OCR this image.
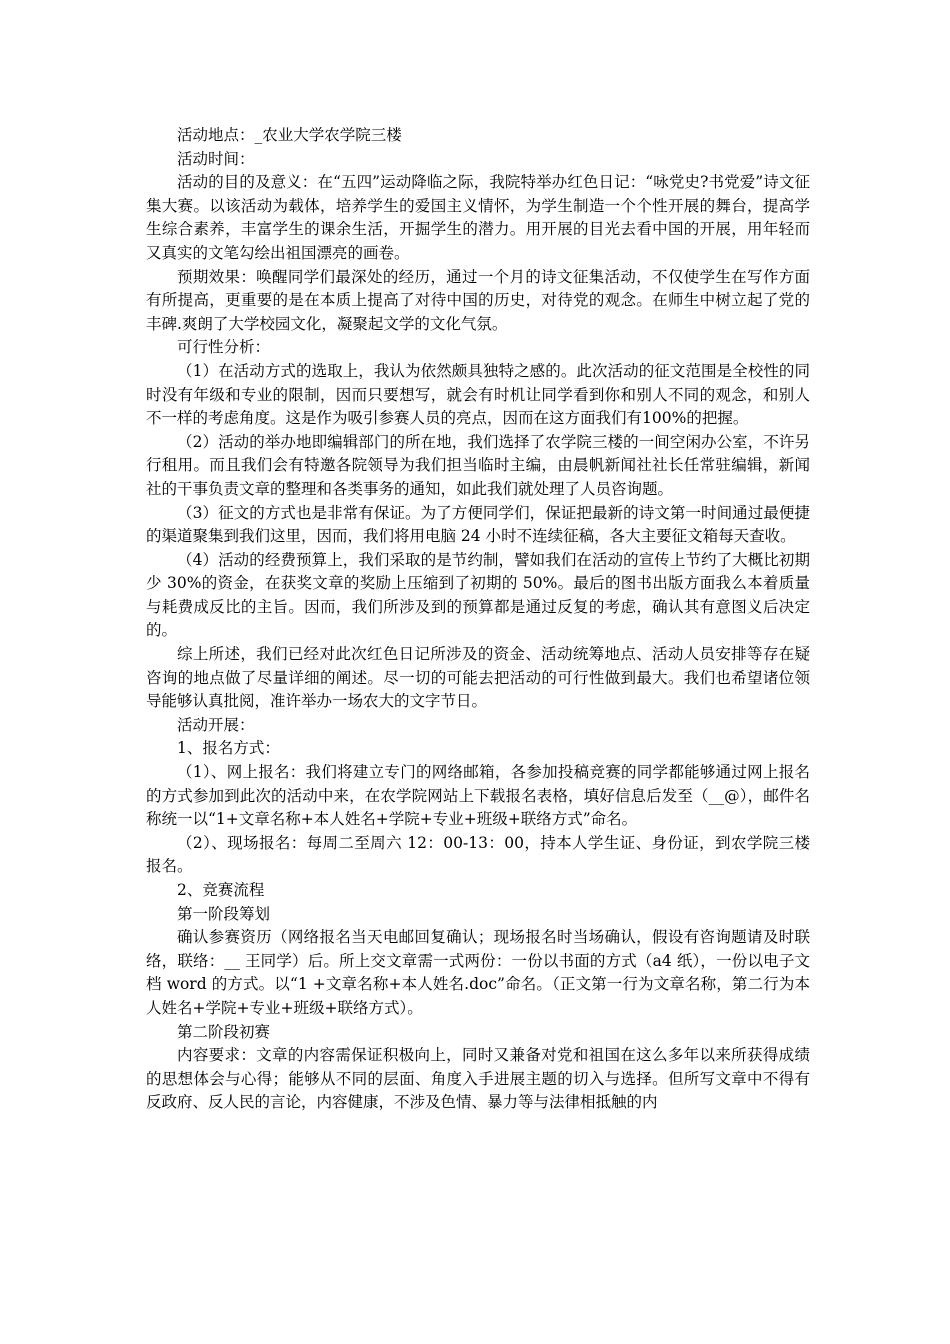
活动地点：_农业大学农学院三楼

活动时间：

活动的目的及意义：在“五四”运动降临之际，我院特举办红色日记：“咏党史?书党爱”诗文征集大赛。以该活动为载体，培养学生的爱国主义情怀，为学生制造一个个性开展的舞台，提高学生综合素养，丰富学生的课余生活，开掘学生的潜力。用开展的目光去看中国的开展，用年轻而又真实的文笔勾绘出祖国漂亮的画卷。

预期效果：唤醒同学们最深处的经历，通过一个月的诗文征集活动，不仅使学生在写作方面有所提高，更重要的是在本质上提高了对待中国的历史，对待党的观念。在师生中树立起了党的丰碑.爽朗了大学校园文化，凝聚起文学的文化气氛。

可行性分析：

（1）在活动方式的选取上，我认为依然颇具独特之感的。此次活动的征文范围是全校性的同时没有年级和专业的限制，因而只要想写，就会有时机让同学看到你和别人不同的观念，和别人不一样的考虑角度。这是作为吸引参赛人员的亮点，因而在这方面我们有100%的把握。

（2）活动的举办地即编辑部门的所在地，我们选择了农学院三楼的一间空闲办公室，不许另行租用。而且我们会有特邀各院领导为我们担当临时主编，由晨帆新闻社社长任常驻编辑，新闻社的干事负责文章的整理和各类事务的通知，如此我们就处理了人员咨询题。

（3）征文的方式也是非常有保证。为了方便同学们，保证把最新的诗文第一时间通过最便捷的渠道聚集到我们这里，因而，我们将用电脑 24 小时不连续征稿，各大主要征文箱每天查收。

（4）活动的经费预算上，我们采取的是节约制，譬如我们在活动的宣传上节约了大概比初期少 30%的资金，在获奖文章的奖励上压缩到了初期的 50%。最后的图书出版方面我么本着质量与耗费成反比的主旨。因而，我们所涉及到的预算都是通过反复的考虑，确认其有意图义后决定的。

综上所述，我们已经对此次红色日记所涉及的资金、活动统筹地点、活动人员安排等存在疑咨询的地点做了尽量详细的阐述。尽一切的可能去把活动的可行性做到最大。我们也希望诸位领导能够认真批阅，准许举办一场农大的文字节日。

活动开展：

1、报名方式：

（1）、网上报名：我们将建立专门的网络邮箱，各参加投稿竞赛的同学都能够通过网上报名的方式参加到此次的活动中来，在农学院网站上下载报名表格，填好信息后发至（__@），邮件名称统一以“1+文章名称+本人姓名+学院+专业+班级+联络方式”命名。

（2）、现场报名：每周二至周六 12：00-13：00，持本人学生证、身份证，到农学院三楼报名。

2、竞赛流程

第一阶段筹划

确认参赛资历（网络报名当天电邮回复确认；现场报名时当场确认，假设有咨询题请及时联络，联络：__ 王同学）后。所上交文章需一式两份：一份以书面的方式（a4 纸），一份以电子文档 word 的方式。以“1 +文章名称+本人姓名.doc”命名。（正文第一行为文章名称，第二行为本人姓名+学院+专业+班级+联络方式）。

第二阶段初赛

内容要求：文章的内容需保证积极向上，同时又兼备对党和祖国在这么多年以来所获得成绩的思想体会与心得；能够从不同的层面、角度入手进展主题的切入与选择。但所写文章中不得有反政府、反人民的言论，内容健康，不涉及色情、暴力等与法律相抵触的内
